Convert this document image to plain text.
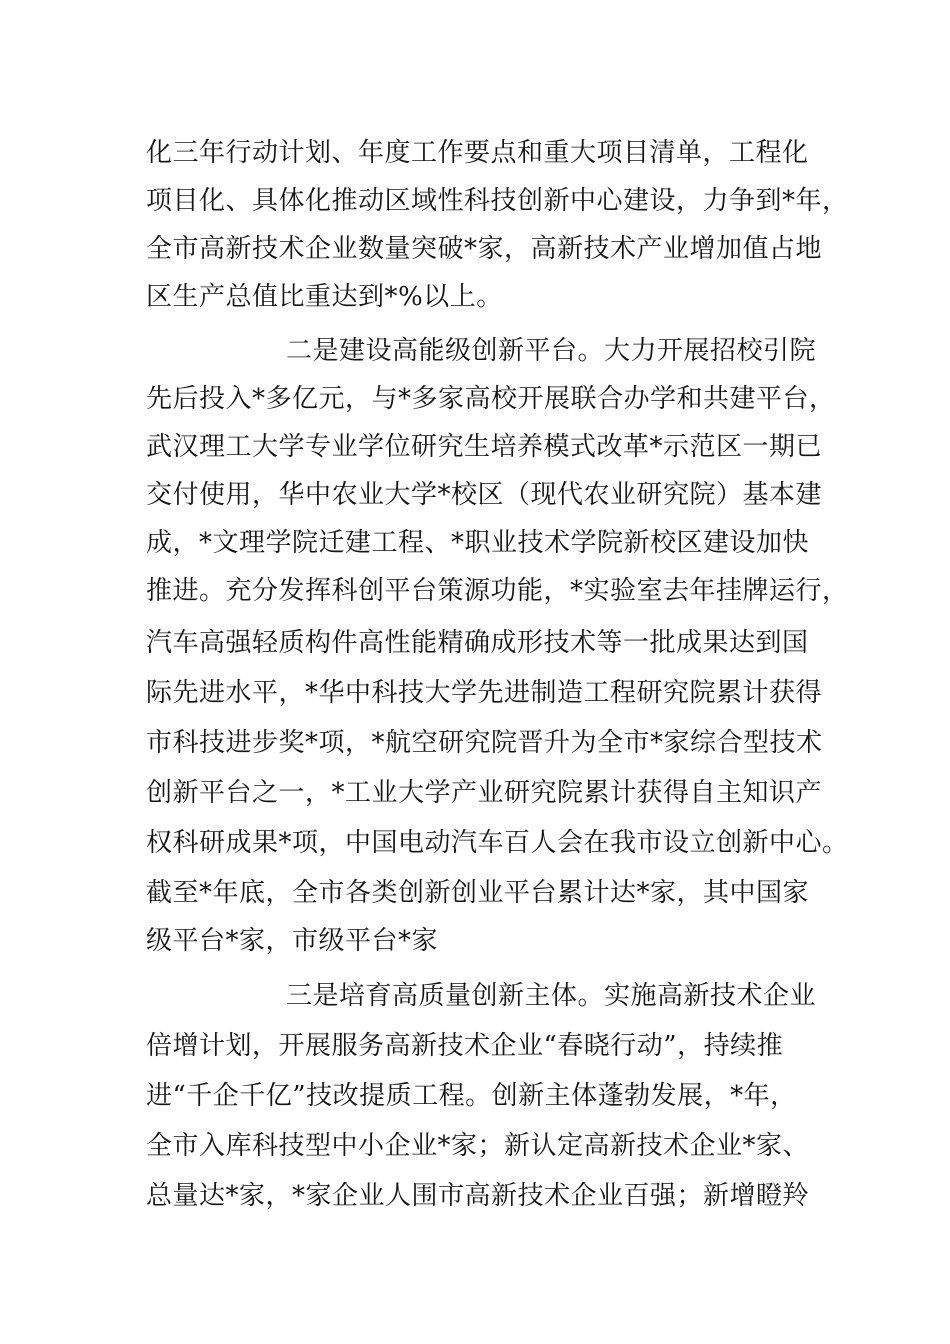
化三年行动计划、年度工作要点和重大项目清单，工程化
项目化、具体化推动区域性科技创新中心建设，力争到*年，
全市高新技术企业数量突破*家，高新技术产业增加值占地
区生产总值比重达到*%以上。
二是建设高能级创新平台。大力开展招校引院
先后投入*多亿元，与*多家高校开展联合办学和共建平台，
武汉理工大学专业学位研究生培养模式改革*示范区一期已
交付使用，华中农业大学*校区（现代农业研究院）基本建
成，*文理学院迁建工程、*职业技术学院新校区建设加快
推进。充分发挥科创平台策源功能，*实验室去年挂牌运行，
汽车高强轻质构件高性能精确成形技术等一批成果达到国
际先进水平，*华中科技大学先进制造工程研究院累计获得
市科技进步奖*项，*航空研究院晋升为全市*家综合型技术
创新平台之一，*工业大学产业研究院累计获得自主知识产
权科研成果*项，中国电动汽车百人会在我市设立创新中心。
截至*年底，全市各类创新创业平台累计达*家，其中国家
级平台*家，市级平台*家
三是培育高质量创新主体。实施高新技术企业
倍增计划，开展服务高新技术企业“春晓行动”，持续推
进“千企千亿”技改提质工程。创新主体蓬勃发展，*年，
全市入库科技型中小企业*家；新认定高新技术企业*家、
总量达*家，*家企业人围市高新技术企业百强；新增瞪羚
